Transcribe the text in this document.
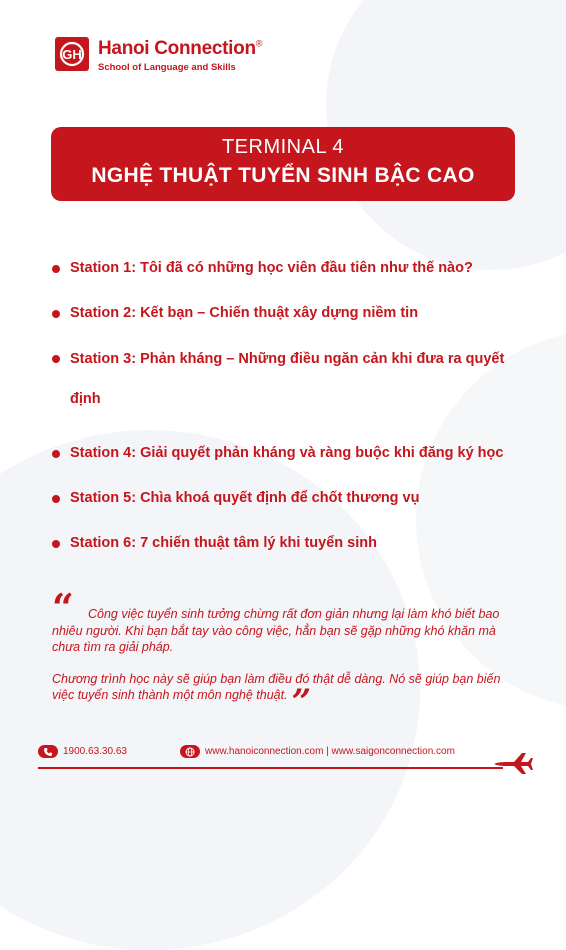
GH Hanoi Connection®
School of Language and Skills
TERMINAL 4
NGHỆ THUẬT TUYỂN SINH BẬC CAO
Station 1: Tôi đã có những học viên đầu tiên như thế nào?
Station 2: Kết bạn – Chiến thuật xây dựng niềm tin
Station 3: Phản kháng – Những điều ngăn cản khi đưa ra quyết định
Station 4: Giải quyết phản kháng và ràng buộc khi đăng ký học
Station 5: Chìa khoá quyết định để chốt thương vụ
Station 6: 7 chiến thuật tâm lý khi tuyển sinh
“	Công việc tuyển sinh tưởng chừng rất đơn giản nhưng lại làm khó biết bao nhiêu người. Khi bạn bắt tay vào công việc, hẳn bạn sẽ gặp những khó khăn mà chưa tìm ra giải pháp.

Chương trình học này sẽ giúp bạn làm điều đó thật dễ dàng. Nó sẽ giúp bạn biến việc tuyển sinh thành một môn nghệ thuật. ”

1900.63.30.63	www.hanoiconnection.com | www.saigonconnection.com
